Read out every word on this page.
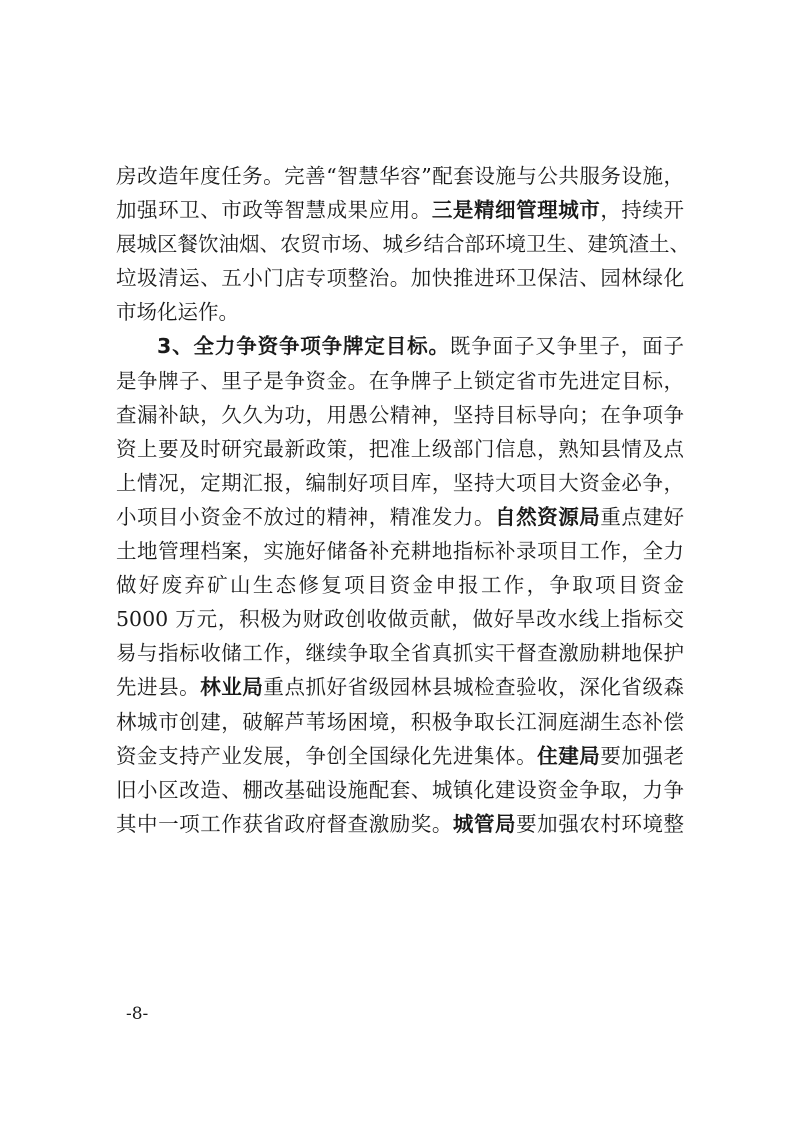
房改造年度任务。完善“智慧华容”配套设施与公共服务设施，
加强环卫、市政等智慧成果应用。三是精细管理城市，持续开
展城区餐饮油烟、农贸市场、城乡结合部环境卫生、建筑渣土、
垃圾清运、五小门店专项整治。加快推进环卫保洁、园林绿化
市场化运作。
3、全力争资争项争牌定目标。既争面子又争里子，面子
是争牌子、里子是争资金。在争牌子上锁定省市先进定目标，
查漏补缺，久久为功，用愚公精神，坚持目标导向；在争项争
资上要及时研究最新政策，把准上级部门信息，熟知县情及点
上情况，定期汇报，编制好项目库，坚持大项目大资金必争，
小项目小资金不放过的精神，精准发力。自然资源局重点建好
土地管理档案，实施好储备补充耕地指标补录项目工作，全力
做好废弃矿山生态修复项目资金申报工作，争取项目资金
5000 万元，积极为财政创收做贡献，做好旱改水线上指标交
易与指标收储工作，继续争取全省真抓实干督查激励耕地保护
先进县。林业局重点抓好省级园林县城检查验收，深化省级森
林城市创建，破解芦苇场困境，积极争取长江洞庭湖生态补偿
资金支持产业发展，争创全国绿化先进集体。住建局要加强老
旧小区改造、棚改基础设施配套、城镇化建设资金争取，力争
其中一项工作获省政府督查激励奖。城管局要加强农村环境整
-8-
